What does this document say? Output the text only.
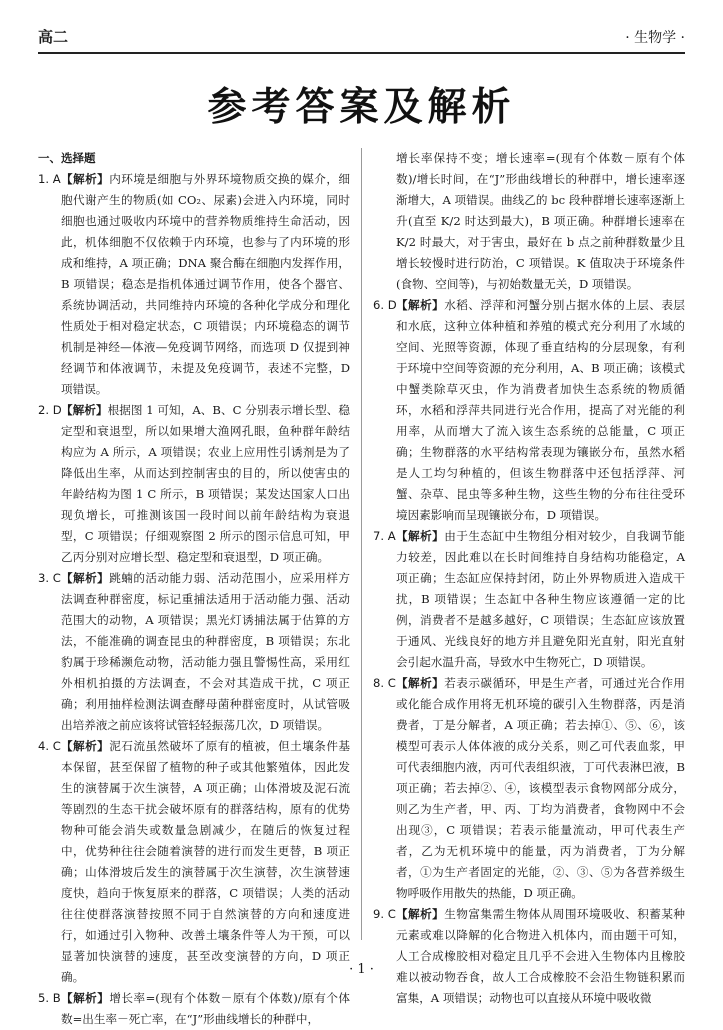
高二	· 生物学 ·
参考答案及解析

一、选择题

1. A 【解析】内环境是细胞与外界环境物质交换的媒介，细胞代谢产生的物质(如 CO₂、尿素)会进入内环境，同时细胞也通过吸收内环境中的营养物质维持生命活动，因此，机体细胞不仅依赖于内环境，也参与了内环境的形成和维持，A 项正确；DNA 聚合酶在细胞内发挥作用，B 项错误；稳态是指机体通过调节作用，使各个器官、系统协调活动，共同维持内环境的各种化学成分和理化性质处于相对稳定状态，C 项错误；内环境稳态的调节机制是神经—体液—免疫调节网络，而选项 D 仅提到神经调节和体液调节，未提及免疫调节，表述不完整，D 项错误。

2. D 【解析】根据图 1 可知，A、B、C 分别表示增长型、稳定型和衰退型，所以如果增大渔网孔眼，鱼种群年龄结构应为 A 所示，A 项错误；农业上应用性引诱剂是为了降低出生率，从而达到控制害虫的目的，所以使害虫的年龄结构为图 1 C 所示，B 项错误；某发达国家人口出现负增长，可推测该国一段时间以前年龄结构为衰退型，C 项错误；仔细观察图 2 所示的图示信息可知，甲乙丙分别对应增长型、稳定型和衰退型，D 项正确。

3. C 【解析】跳蝻的活动能力弱、活动范围小，应采用样方法调查种群密度，标记重捕法适用于活动能力强、活动范围大的动物，A 项错误；黑光灯诱捕法属于估算的方法，不能准确的调查昆虫的种群密度，B 项错误；东北豹属于珍稀濒危动物，活动能力强且警惕性高，采用红外相机拍摄的方法调查，不会对其造成干扰，C 项正确；利用抽样检测法调查酵母菌种群密度时，从试管吸出培养液之前应该将试管轻轻振荡几次，D 项错误。

4. C 【解析】泥石流虽然破坏了原有的植被，但土壤条件基本保留，甚至保留了植物的种子或其他繁殖体，因此发生的演替属于次生演替，A 项正确；山体滑坡及泥石流等剧烈的生态干扰会破坏原有的群落结构，原有的优势物种可能会消失或数量急剧减少，在随后的恢复过程中，优势种往往会随着演替的进行而发生更替，B 项正确；山体滑坡后发生的演替属于次生演替，次生演替速度快，趋向于恢复原来的群落，C 项错误；人类的活动往往使群落演替按照不同于自然演替的方向和速度进行，如通过引入物种、改善土壤条件等人为干预，可以显著加快演替的速度，甚至改变演替的方向，D 项正确。

5. B 【解析】增长率=(现有个体数－原有个体数)/原有个体数=出生率－死亡率，在“J”形曲线增长的种群中，

增长率保持不变；增长速率=(现有个体数－原有个体数)/增长时间，在“J”形曲线增长的种群中，增长速率逐渐增大，A 项错误。曲线乙的 bc 段种群增长速率逐渐上升(直至 K/2 时达到最大)，B 项正确。种群增长速率在 K/2 时最大，对于害虫，最好在 b 点之前种群数量少且增长较慢时进行防治，C 项错误。K 值取决于环境条件(食物、空间等)，与初始数量无关，D 项错误。

6. D 【解析】水稻、浮萍和河蟹分别占据水体的上层、表层和水底，这种立体种植和养殖的模式充分利用了水域的空间、光照等资源，体现了垂直结构的分层现象，有利于环境中空间等资源的充分利用，A、B 项正确；该模式中蟹类除草灭虫，作为消费者加快生态系统的物质循环，水稻和浮萍共同进行光合作用，提高了对光能的利用率，从而增大了流入该生态系统的总能量，C 项正确；生物群落的水平结构常表现为镶嵌分布，虽然水稻是人工均匀种植的，但该生物群落中还包括浮萍、河蟹、杂草、昆虫等多种生物，这些生物的分布往往受环境因素影响而呈现镶嵌分布，D 项错误。

7. A 【解析】由于生态缸中生物组分相对较少，自我调节能力较差，因此难以在长时间维持自身结构功能稳定，A 项正确；生态缸应保持封闭，防止外界物质进入造成干扰，B 项错误；生态缸中各种生物应该遵循一定的比例，消费者不是越多越好，C 项错误；生态缸应该放置于通风、光线良好的地方并且避免阳光直射，阳光直射会引起水温升高，导致水中生物死亡，D 项错误。

8. C 【解析】若表示碳循环，甲是生产者，可通过光合作用或化能合成作用将无机环境的碳引入生物群落，丙是消费者，丁是分解者，A 项正确；若去掉①、⑤、⑥，该模型可表示人体体液的成分关系，则乙可代表血浆，甲可代表细胞内液，丙可代表组织液，丁可代表淋巴液，B 项正确；若去掉②、④，该模型表示食物网部分成分，则乙为生产者，甲、丙、丁均为消费者，食物网中不会出现③，C 项错误；若表示能量流动，甲可代表生产者，乙为无机环境中的能量，丙为消费者，丁为分解者，①为生产者固定的光能，②、③、⑤为各营养级生物呼吸作用散失的热能，D 项正确。

9. C 【解析】生物富集需生物体从周围环境吸收、积蓄某种元素或难以降解的化合物进入机体内，而由题干可知，人工合成橡胶相对稳定且几乎不会进入生物体内且橡胶难以被动物吞食，故人工合成橡胶不会沿生物链积累而富集，A 项错误；动物也可以直接从环境中吸收微

· 1 ·
